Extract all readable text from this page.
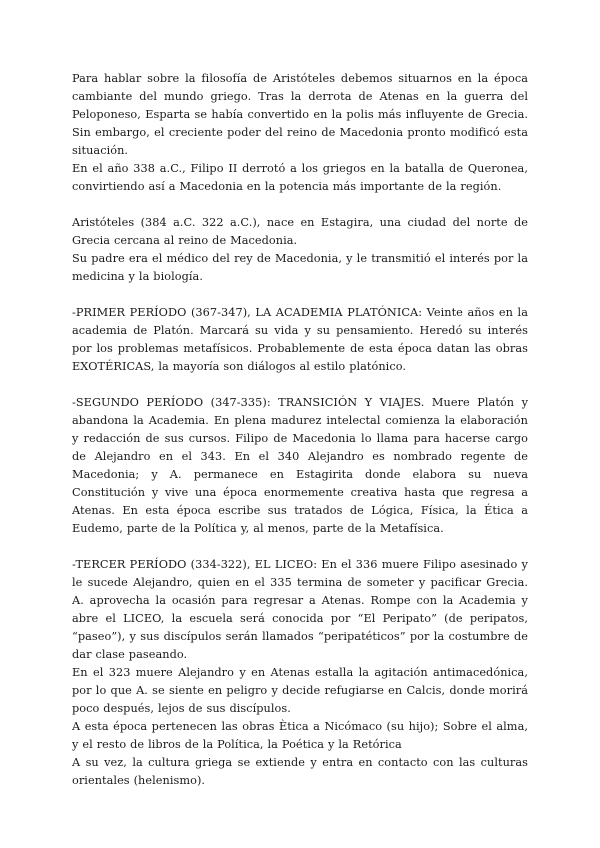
Para hablar sobre la filosofía de Aristóteles debemos situarnos en la época cambiante del mundo griego. Tras la derrota de Atenas en la guerra del Peloponeso, Esparta se había convertido en la polis más influyente de Grecia. Sin embargo, el creciente poder del reino de Macedonia pronto modificó esta situación.

En el año 338 a.C., Filipo II derrotó a los griegos en la batalla de Queronea, convirtiendo así a Macedonia en la potencia más importante de la región.

Aristóteles (384 a.C. 322 a.C.), nace en Estagira, una ciudad del norte de Grecia cercana al reino de Macedonia.

Su padre era el médico del rey de Macedonia, y le transmitió el interés por la medicina y la biología.

-PRIMER PERÍODO (367-347), LA ACADEMIA PLATÓNICA: Veinte años en la academia de Platón. Marcará su vida y su pensamiento. Heredó su interés por los problemas metafísicos. Probablemente de esta época datan las obras EXOTÉRICAS, la mayoría son diálogos al estilo platónico.

-SEGUNDO PERÍODO (347-335): TRANSICIÓN Y VIAJES. Muere Platón y abandona la Academia. En plena madurez intelectal comienza la elaboración y redacción de sus cursos. Filipo de Macedonia lo llama para hacerse cargo de Alejandro en el 343. En el 340 Alejandro es nombrado regente de Macedonia; y A. permanece en Estagirita donde elabora su nueva Constitución y vive una época enormemente creativa hasta que regresa a Atenas. En esta época escribe sus tratados de Lógica, Física, la Ética a Eudemo, parte de la Política y, al menos, parte de la Metafísica.

-TERCER PERÍODO (334-322), EL LICEO: En el 336 muere Filipo asesinado y le sucede Alejandro, quien en el 335 termina de someter y pacificar Grecia. A. aprovecha la ocasión para regresar a Atenas. Rompe con la Academia y abre el LICEO, la escuela será conocida por “El Peripato” (de peripatos, “paseo”), y sus discípulos serán llamados “peripatéticos” por la costumbre de dar clase paseando.

En el 323 muere Alejandro y en Atenas estalla la agitación antimacedónica, por lo que A. se siente en peligro y decide refugiarse en Calcis, donde morirá poco después, lejos de sus discípulos.

A esta época pertenecen las obras Ètica a Nicómaco (su hijo); Sobre el alma, y el resto de libros de la Política, la Poética y la Retórica

A su vez, la cultura griega se extiende y entra en contacto con las culturas orientales (helenismo).
